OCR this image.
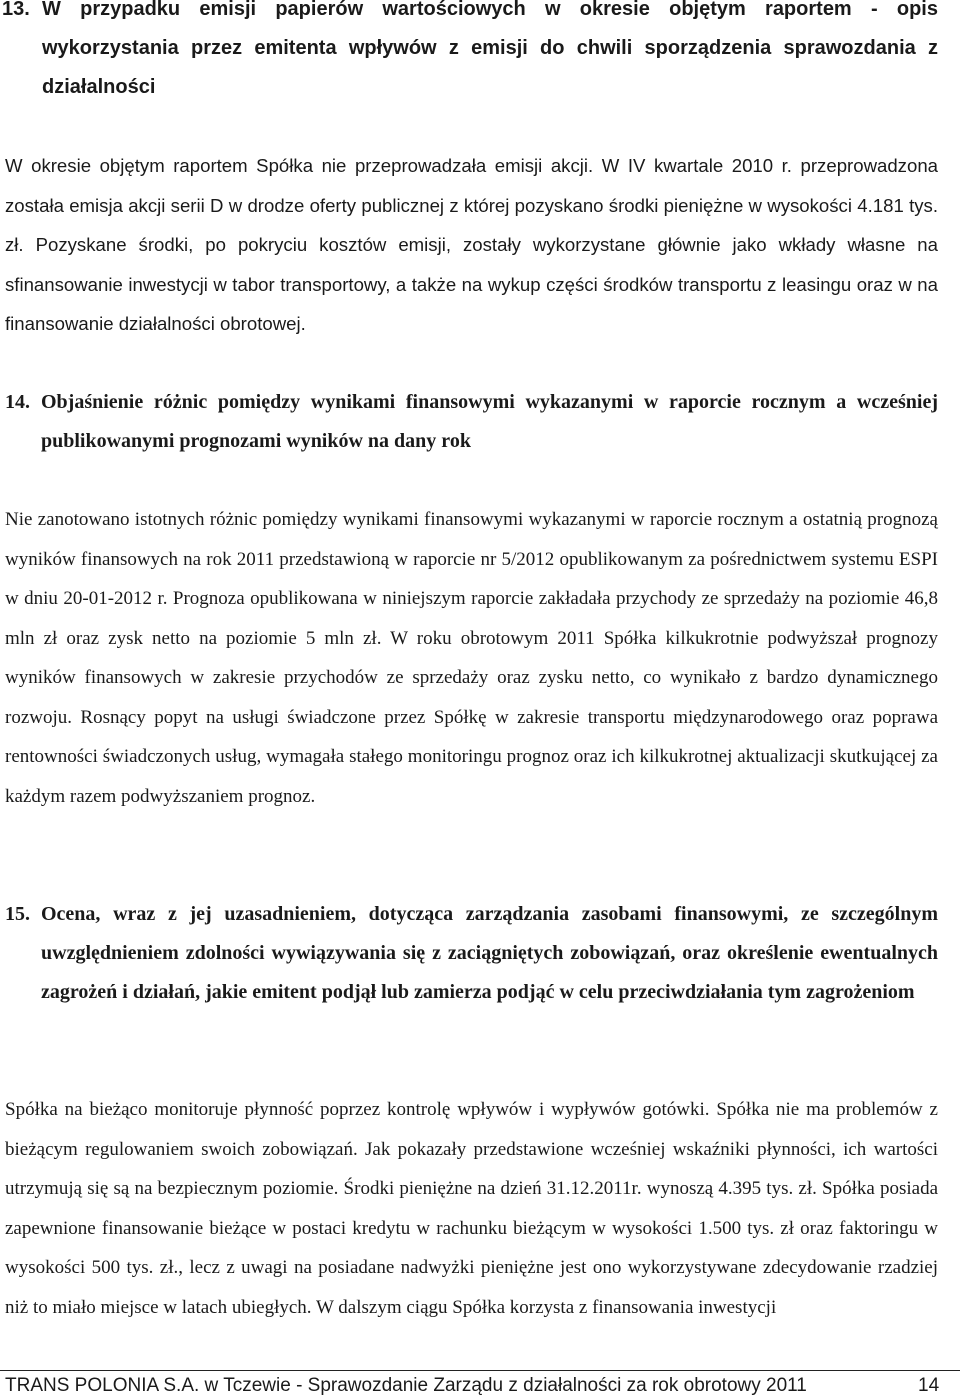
13. W przypadku emisji papierów wartościowych w okresie objętym raportem - opis wykorzystania przez emitenta wpływów z emisji do chwili sporządzenia sprawozdania z działalności

W okresie objętym raportem Spółka nie przeprowadzała emisji akcji. W IV kwartale 2010 r. przeprowadzona została emisja akcji serii D w drodze oferty publicznej z której pozyskano środki pieniężne w wysokości 4.181 tys. zł. Pozyskane środki, po pokryciu kosztów emisji, zostały wykorzystane głównie jako wkłady własne na sfinansowanie inwestycji w tabor transportowy, a także na wykup części środków transportu z leasingu oraz w na finansowanie działalności obrotowej.

14. Objaśnienie różnic pomiędzy wynikami finansowymi wykazanymi w raporcie rocznym a wcześniej publikowanymi prognozami wyników na dany rok

Nie zanotowano istotnych różnic pomiędzy wynikami finansowymi wykazanymi w raporcie rocznym a ostatnią prognozą wyników finansowych na rok 2011 przedstawioną w raporcie nr 5/2012 opublikowanym za pośrednictwem systemu ESPI w dniu 20-01-2012 r. Prognoza opublikowana w niniejszym raporcie zakładała przychody ze sprzedaży na poziomie 46,8 mln zł oraz zysk netto na poziomie 5 mln zł. W roku obrotowym 2011 Spółka kilkukrotnie podwyższał prognozy wyników finansowych w zakresie przychodów ze sprzedaży oraz zysku netto, co wynikało z bardzo dynamicznego rozwoju. Rosnący popyt na usługi świadczone przez Spółkę w zakresie transportu międzynarodowego oraz poprawa rentowności świadczonych usług, wymagała stałego monitoringu prognoz oraz ich kilkukrotnej aktualizacji skutkującej za każdym razem podwyższaniem prognoz.

15. Ocena, wraz z jej uzasadnieniem, dotycząca zarządzania zasobami finansowymi, ze szczególnym uwzględnieniem zdolności wywiązywania się z zaciągniętych zobowiązań, oraz określenie ewentualnych zagrożeń i działań, jakie emitent podjął lub zamierza podjąć w celu przeciwdziałania tym zagrożeniom

Spółka na bieżąco monitoruje płynność poprzez kontrolę wpływów i wypływów gotówki. Spółka nie ma problemów z bieżącym regulowaniem swoich zobowiązań. Jak pokazały przedstawione wcześniej wskaźniki płynności, ich wartości utrzymują się są na bezpiecznym poziomie. Środki pieniężne na dzień 31.12.2011r. wynoszą 4.395 tys. zł. Spółka posiada zapewnione finansowanie bieżące w postaci kredytu w rachunku bieżącym w wysokości 1.500 tys. zł oraz faktoringu w wysokości 500 tys. zł., lecz z uwagi na posiadane nadwyżki pieniężne jest ono wykorzystywane zdecydowanie rzadziej niż to miało miejsce w latach ubiegłych. W dalszym ciągu Spółka korzysta z finansowania inwestycji

TRANS POLONIA S.A. w Tczewie - Sprawozdanie Zarządu z działalności za rok obrotowy 2011	14
